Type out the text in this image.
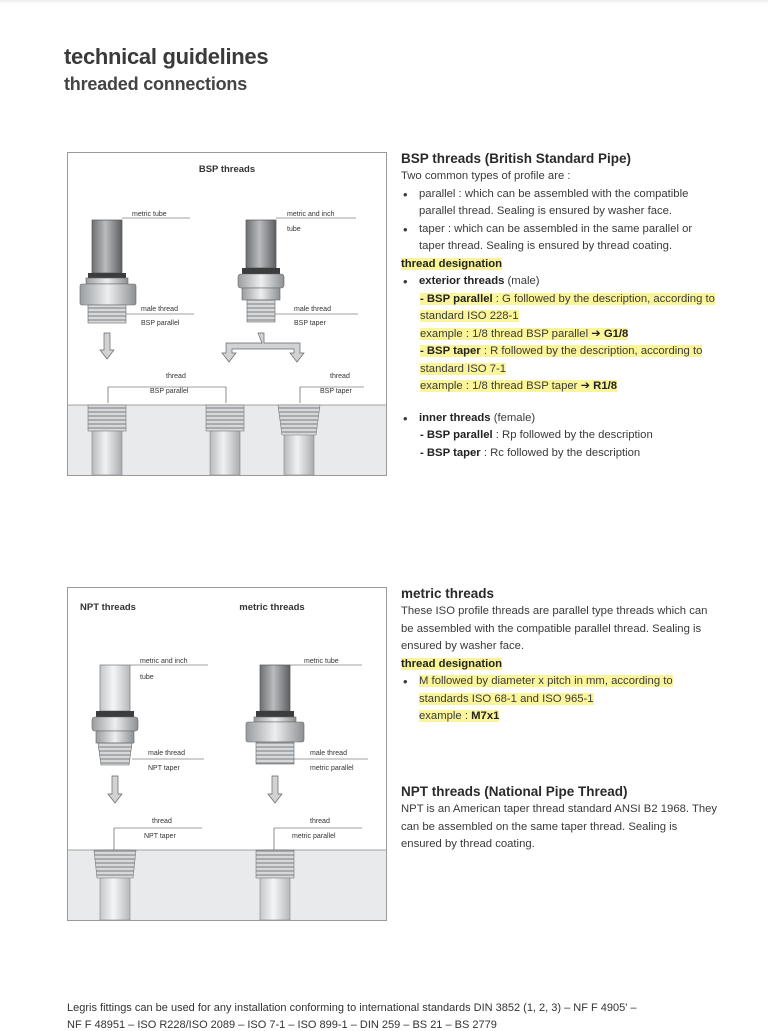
technical guidelines
threaded connections
BSP threads
metric tube
male thread
BSP parallel
metric and inch
tube
male thread
BSP taper
thread
BSP parallel
thread
BSP taper
NPT threads	metric threads
metric and inch
tube
male thread
NPT taper
metric tube
male thread
metric parallel
thread
NPT taper
thread
metric parallel
BSP threads (British Standard Pipe)

Two common types of profile are :

• parallel : which can be assembled with the compatible parallel thread. Sealing is ensured by washer face.

• taper : which can be assembled in the same parallel or taper thread. Sealing is ensured by thread coating.

thread designation

• exterior threads (male)

- BSP parallel : G followed by the description, according to standard ISO 228-1
example : 1/8 thread BSP parallel ➔ G1/8
- BSP taper : R followed by the description, according to standard ISO 7-1
example : 1/8 thread BSP taper ➔ R1/8

• inner threads (female)

- BSP parallel : Rp followed by the description
- BSP taper : Rc followed by the description

metric threads

These ISO profile threads are parallel type threads which can be assembled with the compatible parallel thread. Sealing is ensured by washer face.

thread designation

• M followed by diameter x pitch in mm, according to standards ISO 68-1 and ISO 965-1
example : M7x1

NPT threads (National Pipe Thread)

NPT is an American taper thread standard ANSI B2 1968. They can be assembled on the same taper thread. Sealing is ensured by thread coating.

Legris fittings can be used for any installation conforming to international standards DIN 3852 (1, 2, 3) – NF F 4905' –
NF F 48951 – ISO R228/ISO 2089 – ISO 7-1 – ISO 899-1 – DIN 259 – BS 21 – BS 2779
